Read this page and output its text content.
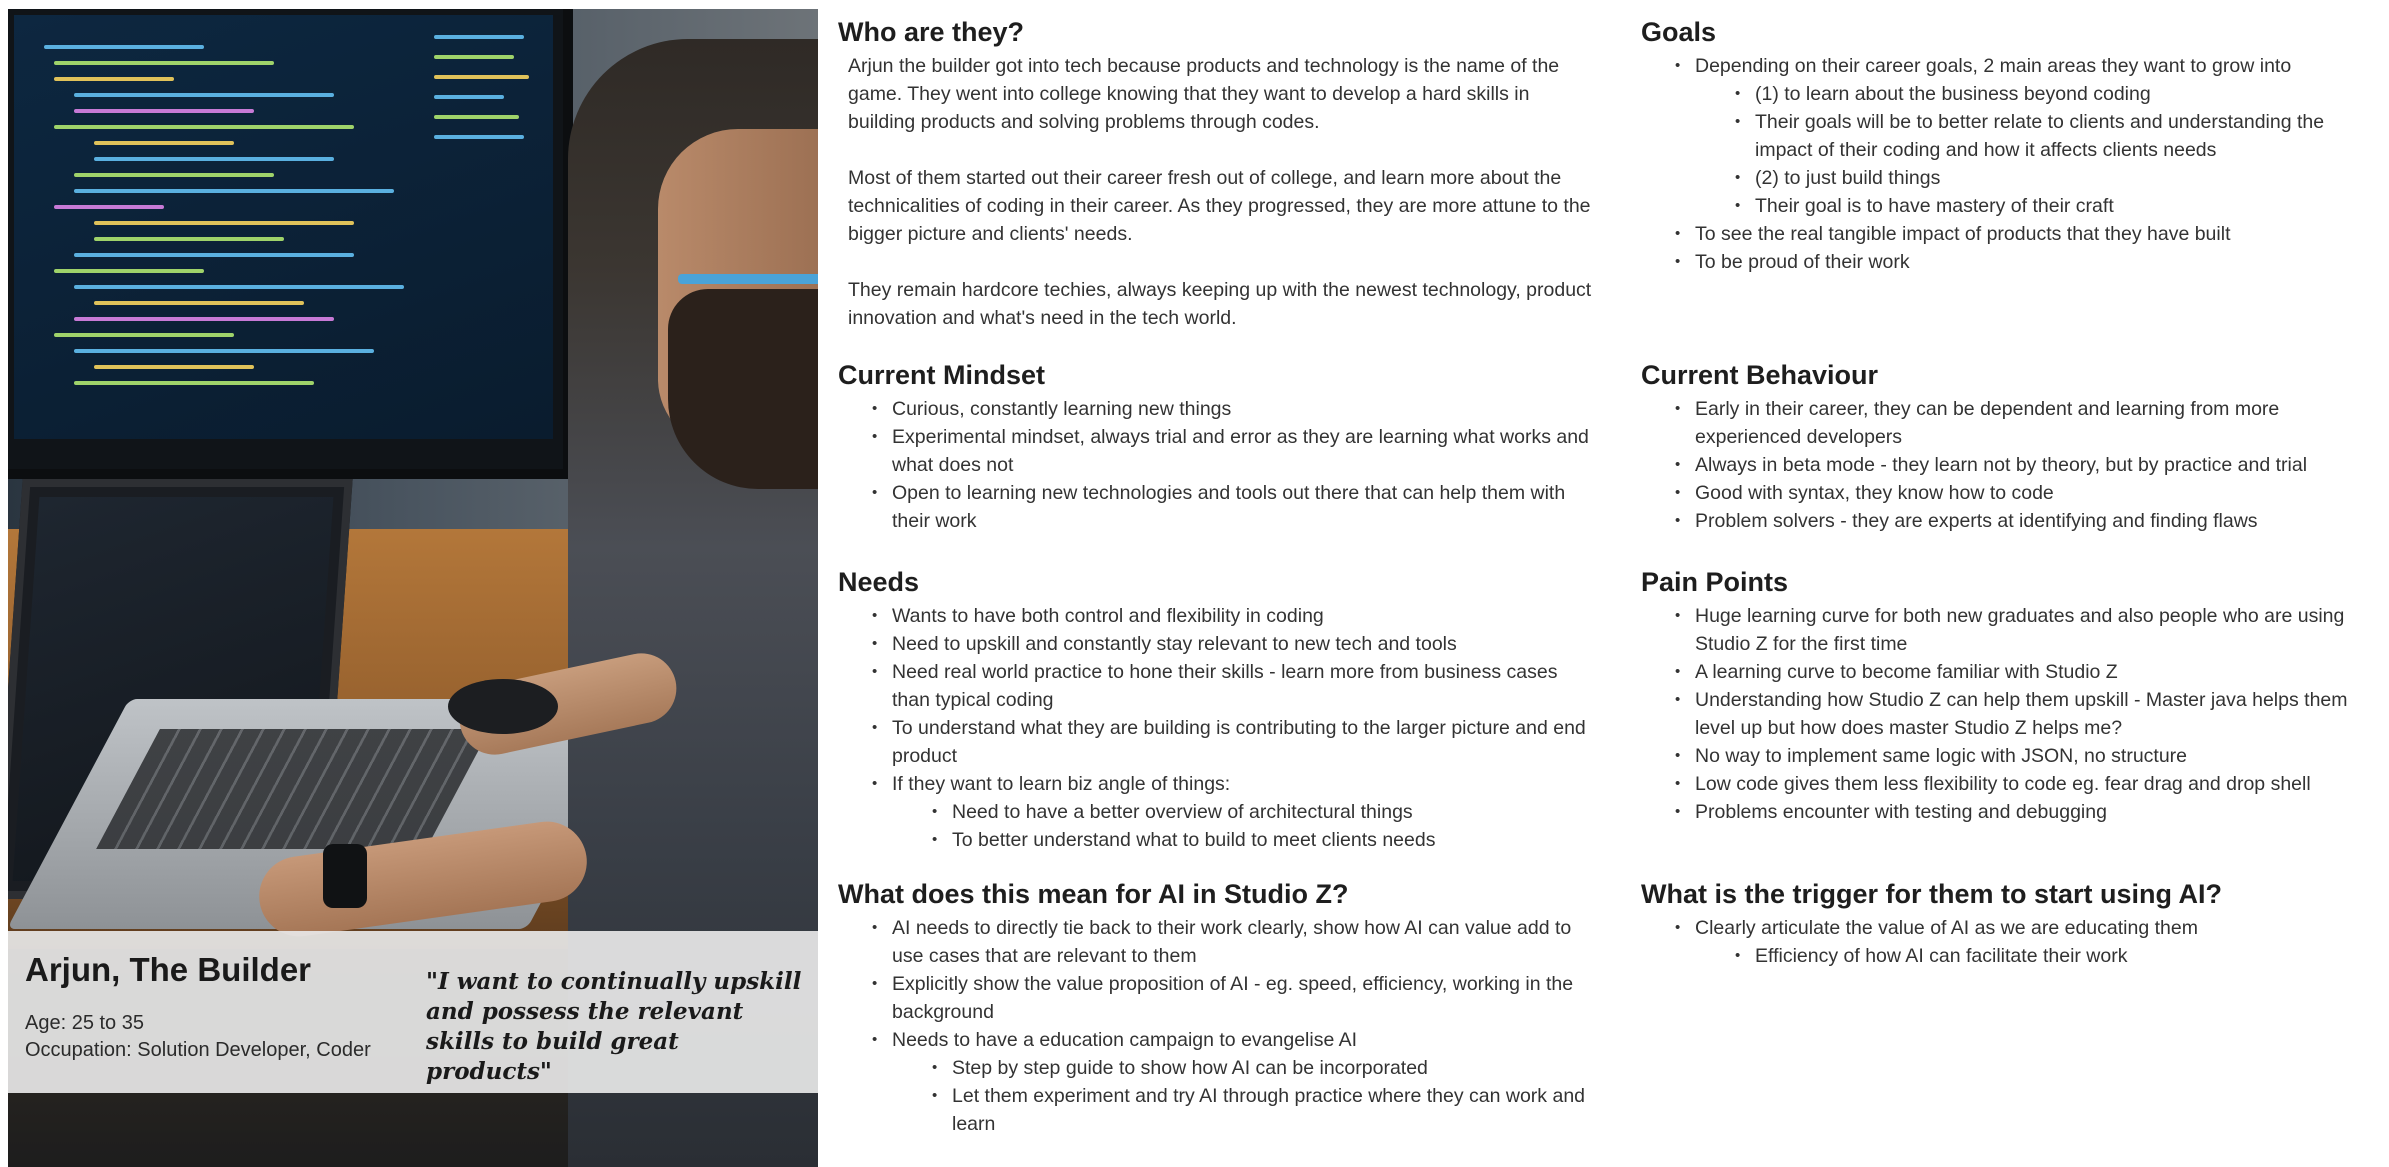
Arjun, The Builder
Age: 25 to 35
Occupation: Solution Developer, Coder
"I want to continually upskill and possess the relevant skills to build great products"
Who are they?

Arjun the builder got into tech because products and technology is the name of the game. They went into college knowing that they want to develop a hard skills in building products and solving problems through codes.

Most of them started out their career fresh out of college, and learn more about the technicalities of coding in their career. As they progressed, they are more attune to the bigger picture and clients' needs.

They remain hardcore techies, always keeping up with the newest technology, product innovation and what's need in the tech world.

Current Mindset
• Curious, constantly learning new things
• Experimental mindset, always trial and error as they are learning what works and what does not
• Open to learning new technologies and tools out there that can help them with their work
Needs
• Wants to have both control and flexibility in coding
• Need to upskill and constantly stay relevant to new tech and tools
• Need real world practice to hone their skills - learn more from business cases than typical coding
• To understand what they are building is contributing to the larger picture and end product
• If they want to learn biz angle of things:
• Need to have a better overview of architectural things
• To better understand what to build to meet clients needs
What does this mean for AI in Studio Z?
• AI needs to directly tie back to their work clearly, show how AI can value add to use cases that are relevant to them
• Explicitly show the value proposition of AI - eg. speed, efficiency, working in the background
• Needs to have a education campaign to evangelise AI
• Step by step guide to show how AI can be incorporated
• Let them experiment and try AI through practice where they can work and learn
Goals
• Depending on their career goals, 2 main areas they want to grow into
• (1) to learn about the business beyond coding
• Their goals will be to better relate to clients and understanding the impact of their coding and how it affects clients needs
• (2) to just build things
• Their goal is to have mastery of their craft
• To see the real tangible impact of products that they have built
• To be proud of their work
Current Behaviour
• Early in their career, they can be dependent and learning from more experienced developers
• Always in beta mode - they learn not by theory, but by practice and trial
• Good with syntax, they know how to code
• Problem solvers - they are experts at identifying and finding flaws
Pain Points
• Huge learning curve for both new graduates and also people who are using Studio Z for the first time
• A learning curve to become familiar with Studio Z
• Understanding how Studio Z can help them upskill - Master java helps them level up but how does master Studio Z helps me?
• No way to implement same logic with JSON, no structure
• Low code gives them less flexibility to code eg. fear drag and drop shell
• Problems encounter with testing and debugging
What is the trigger for them to start using AI?
• Clearly articulate the value of AI as we are educating them
• Efficiency of how AI can facilitate their work
